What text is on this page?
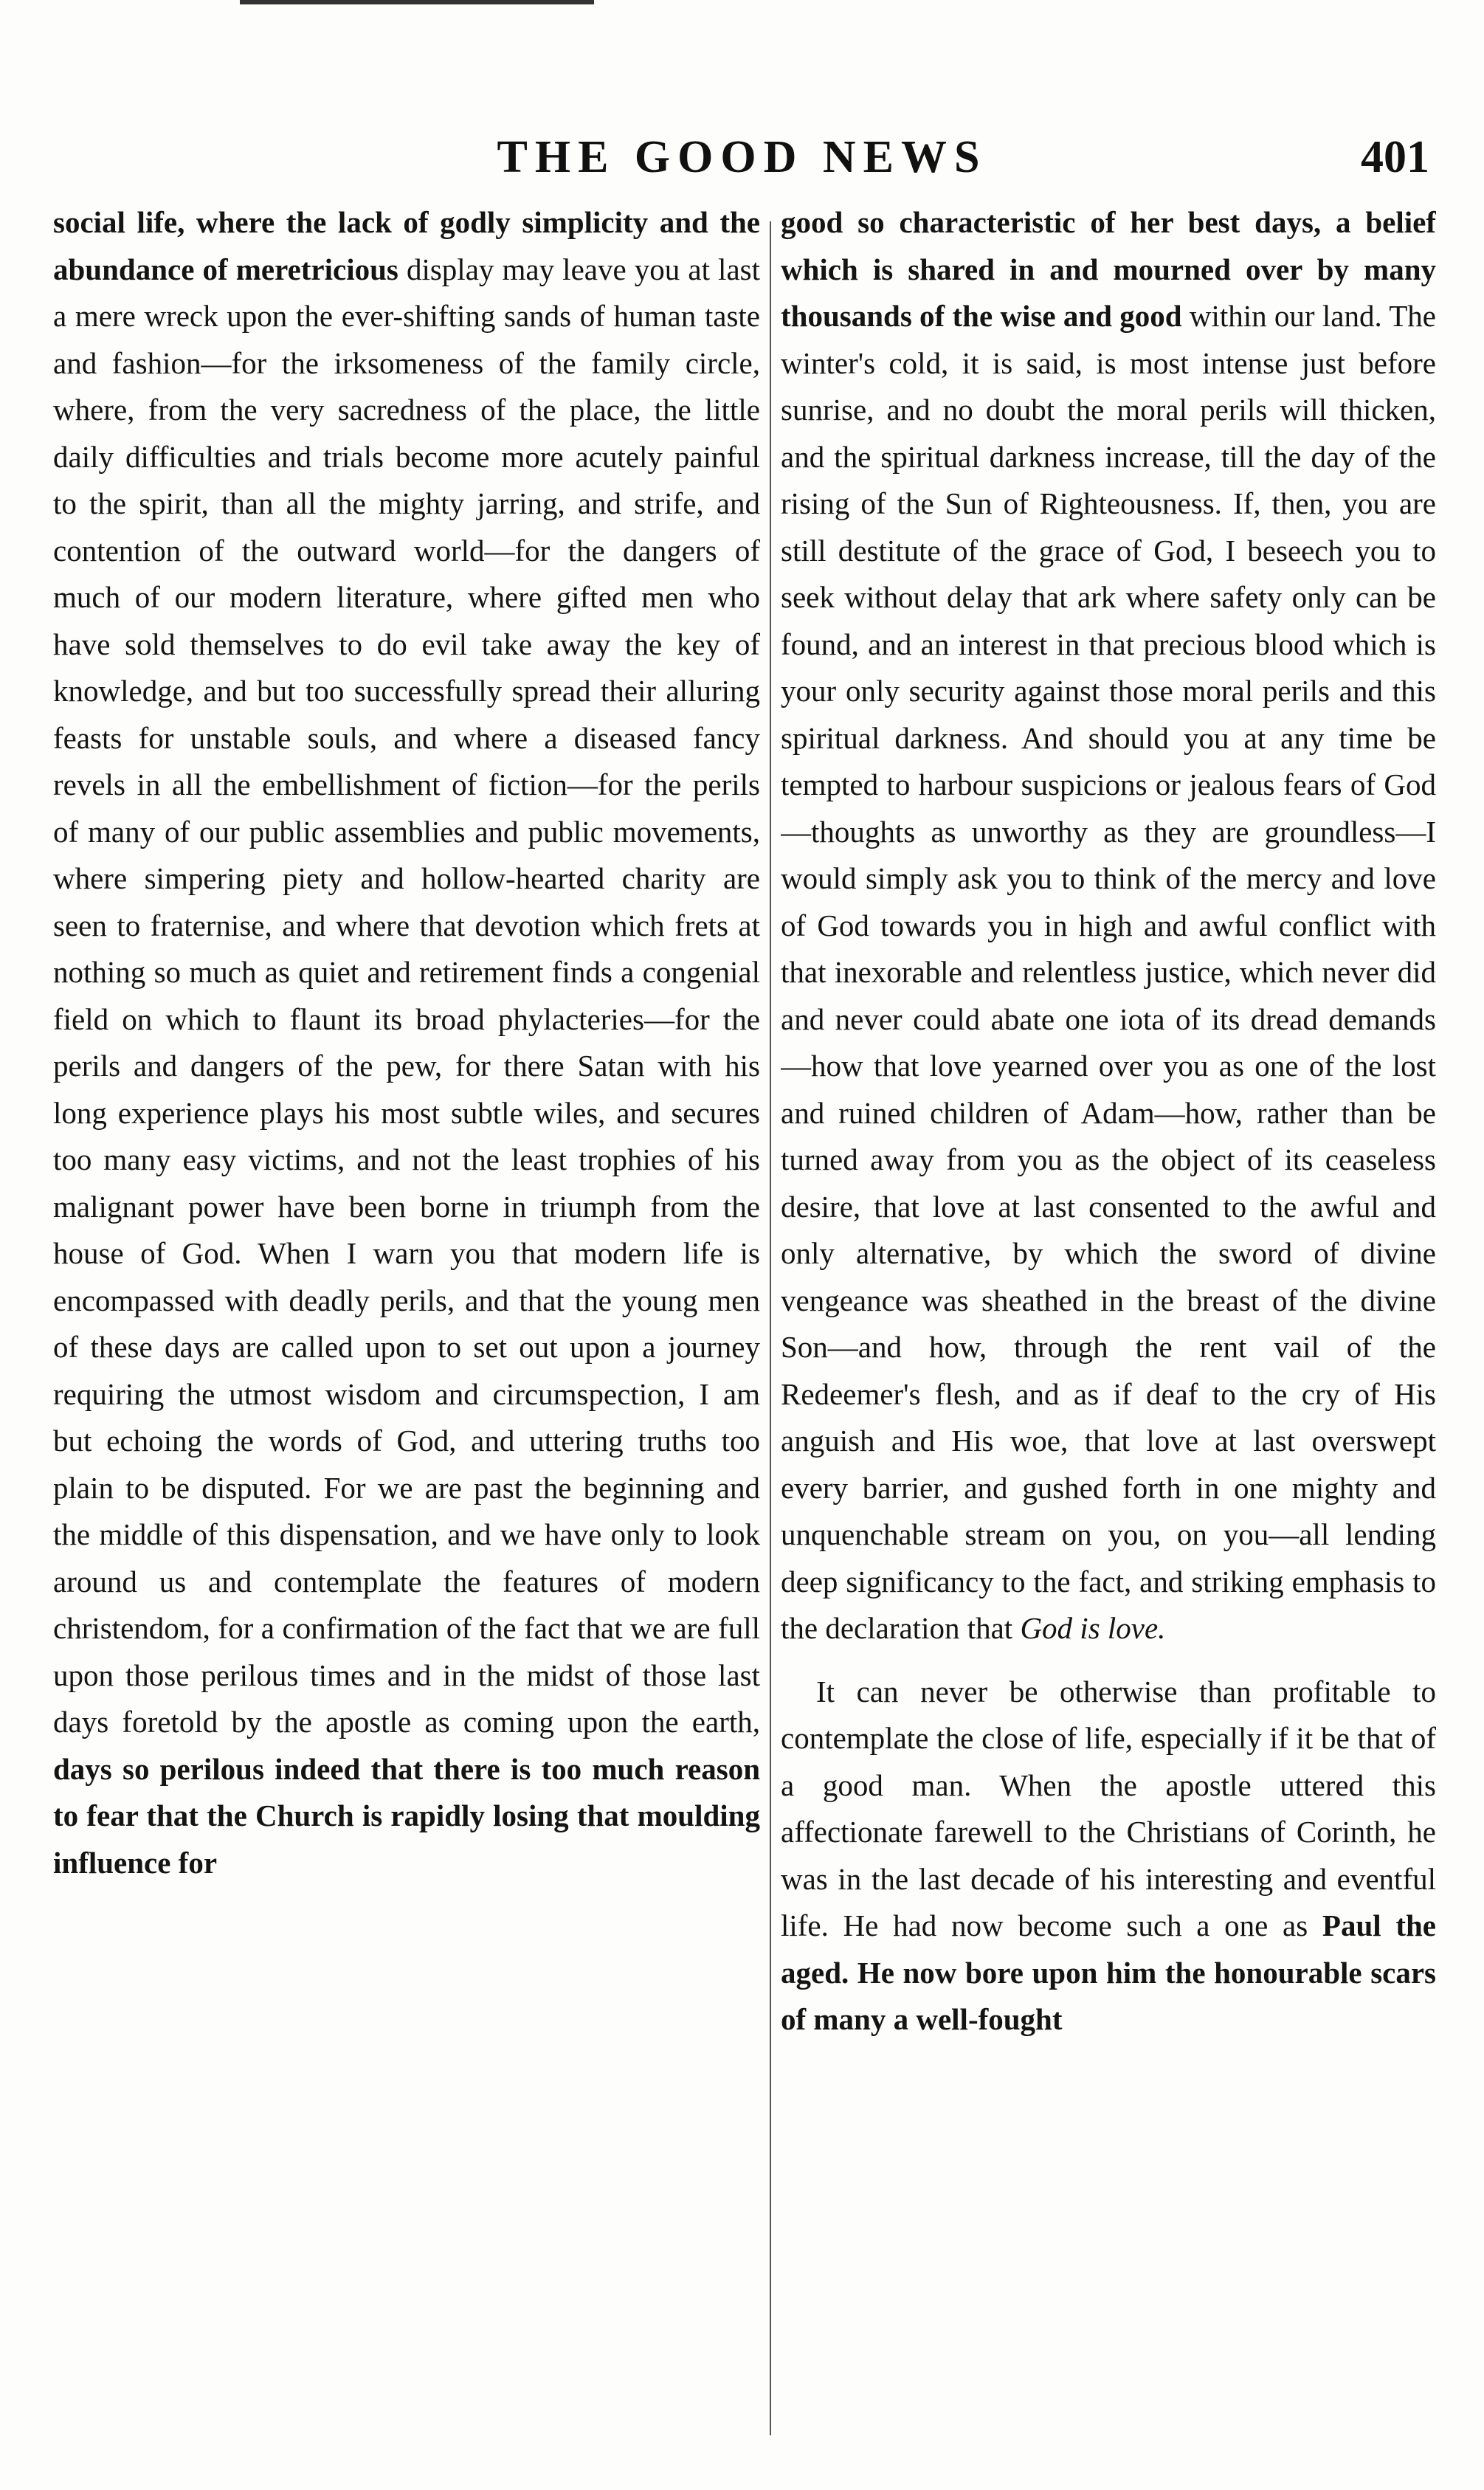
THE GOOD NEWS	401

social life, where the lack of godly simplicity and the abundance of meretricious display may leave you at last a mere wreck upon the ever-shifting sands of human taste and fashion—for the irksomeness of the family circle, where, from the very sacredness of the place, the little daily difficulties and trials become more acutely painful to the spirit, than all the mighty jarring, and strife, and contention of the outward world—for the dangers of much of our modern literature, where gifted men who have sold themselves to do evil take away the key of knowledge, and but too successfully spread their alluring feasts for unstable souls, and where a diseased fancy revels in all the embellishment of fiction—for the perils of many of our public assemblies and public movements, where simpering piety and hollow-hearted charity are seen to fraternise, and where that devotion which frets at nothing so much as quiet and retirement finds a congenial field on which to flaunt its broad phylacteries—for the perils and dangers of the pew, for there Satan with his long experience plays his most subtle wiles, and secures too many easy victims, and not the least trophies of his malignant power have been borne in triumph from the house of God. When I warn you that modern life is encompassed with deadly perils, and that the young men of these days are called upon to set out upon a journey requiring the utmost wisdom and circumspection, I am but echoing the words of God, and uttering truths too plain to be disputed. For we are past the beginning and the middle of this dispensation, and we have only to look around us and contemplate the features of modern christendom, for a confirmation of the fact that we are full upon those perilous times and in the midst of those last days foretold by the apostle as coming upon the earth, days so perilous indeed that there is too much reason to fear that the Church is rapidly losing that moulding influence for

good so characteristic of her best days, a belief which is shared in and mourned over by many thousands of the wise and good within our land. The winter's cold, it is said, is most intense just before sunrise, and no doubt the moral perils will thicken, and the spiritual darkness increase, till the day of the rising of the Sun of Righteousness. If, then, you are still destitute of the grace of God, I beseech you to seek without delay that ark where safety only can be found, and an interest in that precious blood which is your only security against those moral perils and this spiritual darkness. And should you at any time be tempted to harbour suspicions or jealous fears of God—thoughts as unworthy as they are groundless—I would simply ask you to think of the mercy and love of God towards you in high and awful conflict with that inexorable and relentless justice, which never did and never could abate one iota of its dread demands—how that love yearned over you as one of the lost and ruined children of Adam—how, rather than be turned away from you as the object of its ceaseless desire, that love at last consented to the awful and only alternative, by which the sword of divine vengeance was sheathed in the breast of the divine Son—and how, through the rent vail of the Redeemer's flesh, and as if deaf to the cry of His anguish and His woe, that love at last overswept every barrier, and gushed forth in one mighty and unquenchable stream on you, on you—all lending deep significancy to the fact, and striking emphasis to the declaration that God is love.

It can never be otherwise than profitable to contemplate the close of life, especially if it be that of a good man. When the apostle uttered this affectionate farewell to the Christians of Corinth, he was in the last decade of his interesting and eventful life. He had now become such a one as Paul the aged. He now bore upon him the honourable scars of many a well-fought
